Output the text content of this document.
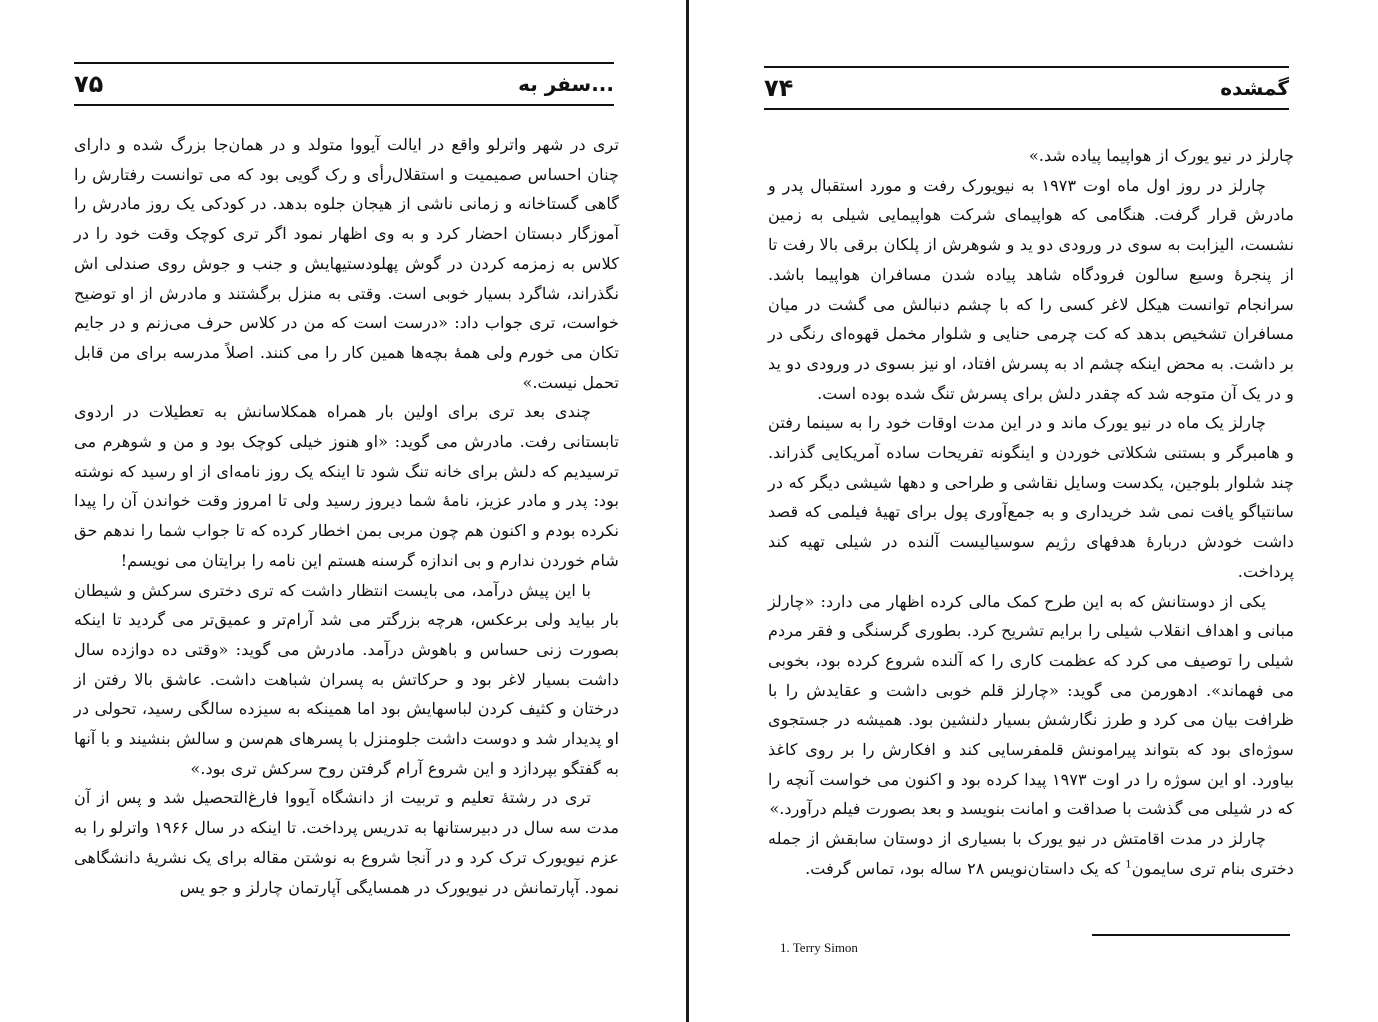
۷۵	سفر به...

تری در شهر واترلو واقع در ایالت آیووا متولد و در همان‌جا بزرگ شده و دارای چنان احساس صمیمیت و استقلال‌رأی و رک گویی بود که می توانست رفتارش را گاهی گستاخانه و زمانی ناشی از هیجان جلوه بدهد. در کودکی یک روز مادرش را آموزگار دبستان احضار کرد و به وی اظهار نمود اگر تری کوچک وقت خود را در کلاس به زمزمه کردن در گوش پهلودستیهایش و جنب و جوش روی صندلی اش نگذراند، شاگرد بسیار خوبی است. وقتی به منزل برگشتند و مادرش از او توضیح خواست، تری جواب داد: «درست است که من در کلاس حرف می‌زنم و در جایم تکان می خورم ولی همهٔ بچه‌ها همین کار را می کنند. اصلاً مدرسه برای من قابل تحمل نیست.»

چندی بعد تری برای اولین بار همراه همکلاسانش به تعطیلات در اردوی تابستانی رفت. مادرش می گوید: «او هنوز خیلی کوچک بود و من و شوهرم می ترسیدیم که دلش برای خانه تنگ شود تا اینکه یک روز نامه‌ای از او رسید که نوشته بود: پدر و مادر عزیز، نامهٔ شما دیروز رسید ولی تا امروز وقت خواندن آن را پیدا نکرده بودم و اکنون هم چون مربی بمن اخطار کرده که تا جواب شما را ندهم حق شام خوردن ندارم و بی اندازه گرسنه هستم این نامه را برایتان می نویسم!

با این پیش درآمد، می بایست انتظار داشت که تری دختری سرکش و شیطان بار بیاید ولی برعکس، هرچه بزرگتر می شد آرام‌تر و عمیق‌تر می گردید تا اینکه بصورت زنی حساس و باهوش درآمد. مادرش می گوید: «وقتی ده دوازده سال داشت بسیار لاغر بود و حرکاتش به پسران شباهت داشت. عاشق بالا رفتن از درختان و کثیف کردن لباسهایش بود اما همینکه به سیزده سالگی رسید، تحولی در او پدیدار شد و دوست داشت جلومنزل با پسرهای هم‌سن و سالش بنشیند و با آنها به گفتگو بپردازد و این شروع آرام گرفتن روح سرکش تری بود.»

تری در رشتهٔ تعلیم و تربیت از دانشگاه آیووا فارغ‌التحصیل شد و پس از آن مدت سه سال در دبیرستانها به تدریس پرداخت. تا اینکه در سال ۱۹۶۶ واترلو را به عزم نیویورک ترک کرد و در آنجا شروع به نوشتن مقاله برای یک نشریهٔ دانشگاهی نمود. آپارتمانش در نیویورک در همسایگی آپارتمان چارلز و جو یس

۷۴	گمشده

چارلز در نیو یورک از هواپیما پیاده شد.»

چارلز در روز اول ماه اوت ۱۹۷۳ به نیویورک رفت و مورد استقبال پدر و مادرش قرار گرفت. هنگامی که هواپیمای شرکت هواپیمایی شیلی به زمین نشست، الیزابت به سوی در ورودی دو ید و شوهرش از پلکان برقی بالا رفت تا از پنجرهٔ وسیع سالون فرودگاه شاهد پیاده شدن مسافران هواپیما باشد. سرانجام توانست هیکل لاغر کسی را که با چشم دنبالش می گشت در میان مسافران تشخیص بدهد که کت چرمی حنایی و شلوار مخمل قهوه‌ای رنگی در بر داشت. به محض اینکه چشم اد به پسرش افتاد، او نیز بسوی در ورودی دو ید و در یک آن متوجه شد که چقدر دلش برای پسرش تنگ شده بوده است.

چارلز یک ماه در نیو یورک ماند و در این مدت اوقات خود را به سینما رفتن و هامبرگر و بستنی شکلاتی خوردن و اینگونه تفریحات ساده آمریکایی گذراند. چند شلوار بلوجین، یکدست وسایل نقاشی و طراحی و دهها شیشی دیگر که در سانتیاگو یافت نمی شد خریداری و به جمع‌آوری پول برای تهیهٔ فیلمی که قصد داشت خودش دربارهٔ هدفهای رژیم سوسیالیست آلنده در شیلی تهیه کند پرداخت.

یکی از دوستانش که به این طرح کمک مالی کرده اظهار می دارد: «چارلز مبانی و اهداف انقلاب شیلی را برایم تشریح کرد. بطوری گرسنگی و فقر مردم شیلی را توصیف می کرد که عظمت کاری را که آلنده شروع کرده بود، بخوبی می فهماند». ادهورمن می گوید: «چارلز قلم خوبی داشت و عقایدش را با ظرافت بیان می کرد و طرز نگارشش بسیار دلنشین بود. همیشه در جستجوی سوژه‌ای بود که بتواند پیرامونش قلمفرسایی کند و افکارش را بر روی کاغذ بیاورد. او این سوژه را در اوت ۱۹۷۳ پیدا کرده بود و اکنون می خواست آنچه را که در شیلی می گذشت با صداقت و امانت بنویسد و بعد بصورت فیلم درآورد.»

چارلز در مدت اقامتش در نیو یورک با بسیاری از دوستان سابقش از جمله دختری بنام تری سایمون$^1$ که یک داستان‌نویس ۲۸ ساله بود، تماس گرفت.

1. Terry Simon
